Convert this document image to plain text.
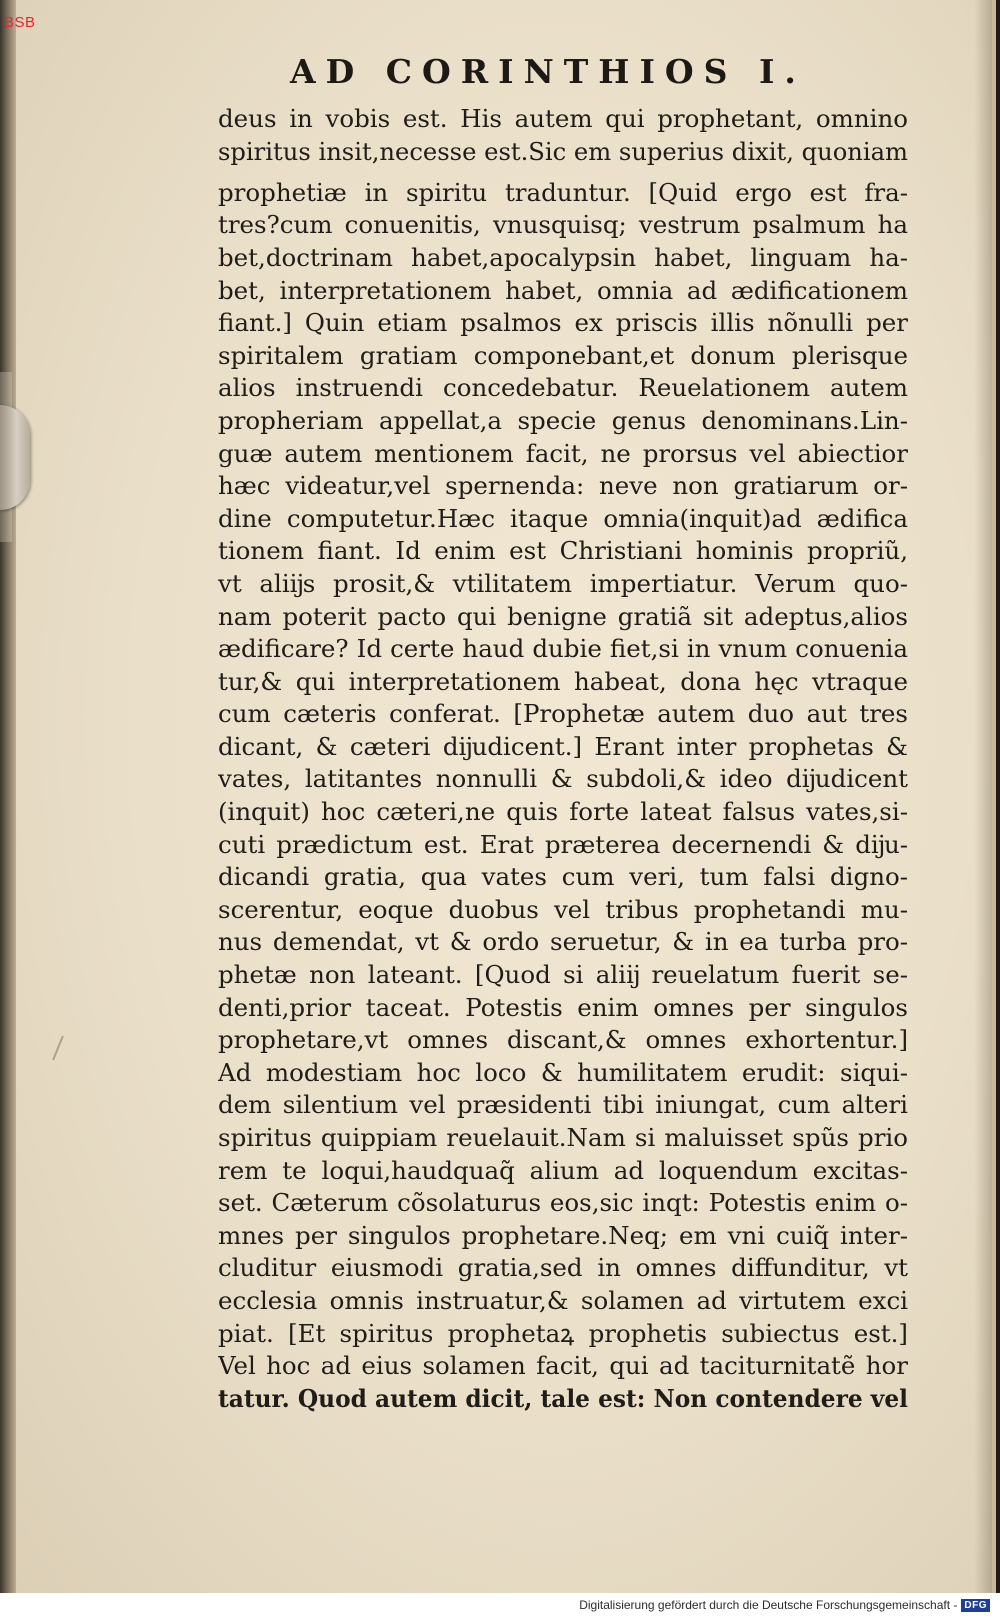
BSB
AD CORINTHIOS I.
deus in vobis est. His autem qui prophetant, omnino
spiritus insit,necesse est.Sic em superius dixit, quoniam
prophetiæ in spiritu traduntur. [Quid ergo est fra-
tres?cum conuenitis, vnusquisq; vestrum psalmum ha
bet,doctrinam habet,apocalypsin habet, linguam ha-
bet, interpretationem habet, omnia ad ædificationem
fiant.] Quin etiam psalmos ex priscis illis nõnulli per
spiritalem gratiam componebant,et donum plerisque
alios instruendi concedebatur. Reuelationem autem
propheriam appellat,a specie genus denominans.Lin-
guæ autem mentionem facit, ne prorsus vel abiectior
hæc videatur,vel spernenda: neve non gratiarum or-
dine computetur.Hæc itaque omnia(inquit)ad ædifica
tionem fiant. Id enim est Christiani hominis propriũ,
vt aliĳs prosit,& vtilitatem impertiatur. Verum quo-
nam poterit pacto qui benigne gratiã sit adeptus,alios
ædificare? Id certe haud dubie fiet,si in vnum conuenia
tur,& qui interpretationem habeat, dona hęc vtraque
cum cæteris conferat. [Prophetæ autem duo aut tres
dicant, & cæteri dĳudicent.] Erant inter prophetas &
vates, latitantes nonnulli & subdoli,& ideo dĳudicent
(inquit) hoc cæteri,ne quis forte lateat falsus vates,si-
cuti prædictum est. Erat præterea decernendi & dĳu-
dicandi gratia, qua vates cum veri, tum falsi digno-
scerentur, eoque duobus vel tribus prophetandi mu-
nus demendat, vt & ordo seruetur, & in ea turba pro-
phetæ non lateant. [Quod si aliĳ reuelatum fuerit se-
denti,prior taceat. Potestis enim omnes per singulos
prophetare,vt omnes discant,& omnes exhortentur.]
Ad modestiam hoc loco & humilitatem erudit: siqui-
dem silentium vel præsidenti tibi iniungat, cum alteri
spiritus quippiam reuelauit.Nam si maluisset spũs prio
rem te loqui,haudquaq̃ alium ad loquendum excitas-
set. Cæterum cõsolaturus eos,sic inqt: Potestis enim o-
mnes per singulos prophetare.Neq; em vni cuiq̃ inter-
cluditur eiusmodi gratia,sed in omnes diffunditur, vt
ecclesia omnis instruatur,& solamen ad virtutem exci
piat. [Et spiritus prophetaꝝ prophetis subiectus est.]
Vel hoc ad eius solamen facit, qui ad taciturnitatẽ hor
tatur. Quod autem dicit, tale est: Non contendere vel
Digitalisierung gefördert durch die Deutsche Forschungsgemeinschaft - DFG
